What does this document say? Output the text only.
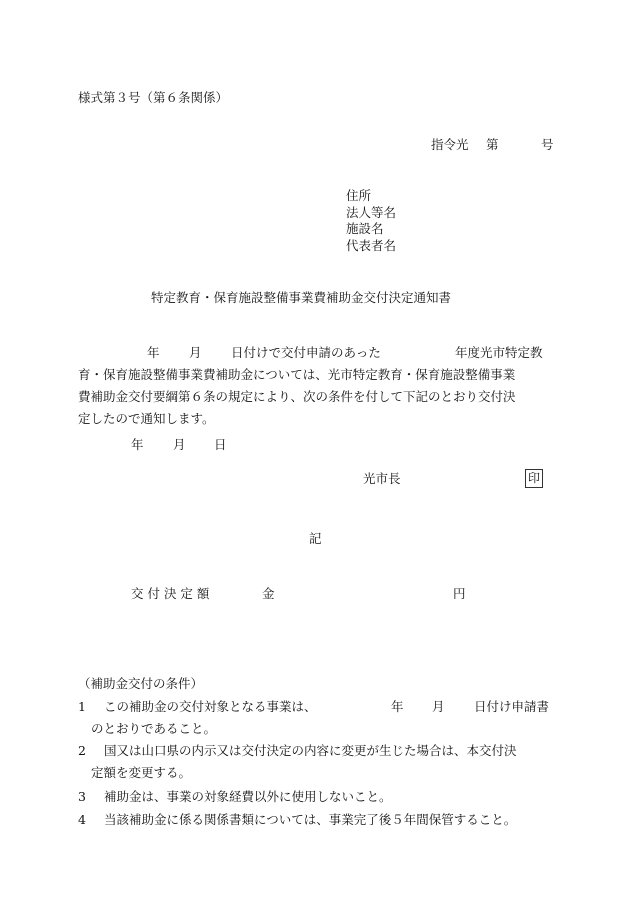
様式第３号（第６条関係）
指令光 第	号
住所
法人等名
施設名
代表者名
特定教育・保育施設整備事業費補助金交付決定通知書
年 月 日付けで交付申請のあった	年度光市特定教
育・保育施設整備事業費補助金については、光市特定教育・保育施設整備事業
費補助金交付要綱第６条の規定により、次の条件を付して下記のとおり交付決
定したので通知します。
年 月 日
光市長	印
記
交 付 決 定 額	金	円
（補助金交付の条件）
1 この補助金の交付対象となる事業は、	年 月 日付け申請書
のとおりであること。
2 国又は山口県の内示又は交付決定の内容に変更が生じた場合は、本交付決
定額を変更する。
3 補助金は、事業の対象経費以外に使用しないこと。
4 当該補助金に係る関係書類については、事業完了後５年間保管すること。
